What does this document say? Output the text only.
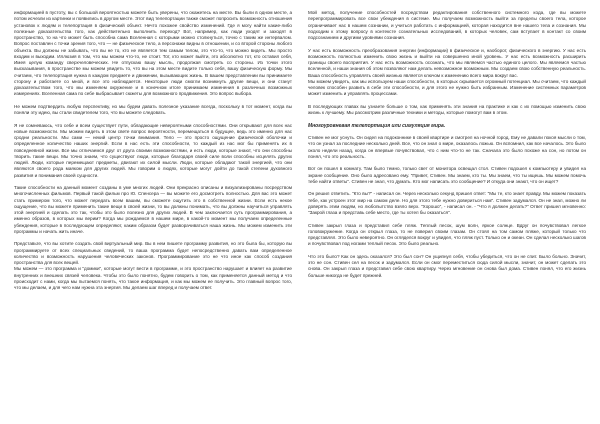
информацией в пустоту, вы с большой вероятностью можете быть уверены, что окажетесь на месте. Вы были в одном месте, а потом исчезли из картинки и появились в другом месте. Этот вид телепортации также сможет попросить возможность отношения установок к людям и телепортация в физический объект. Нечто похожее свойство изменений. Где я могу найти какие-либо полезные доказательства того, как действительно выполнить переход? Вот, например, как люди уходят и заходят в пространство, то на что может быть способна сама Вселенная с которыми можно столкнуться, точно с таким же интервалом. Вопрос поставлен с точки зрения того, что — не физическое тело, а персонажи видны в отношении, и со второй стороны любого объекта. Вы должны не забывать, что вы не то, кто не является тем самым телом, это что-то, что можно видеть. Мы просто входим и выходим. Иллюзия в том, что мы можем что-то, не стоит. Тот, кто может выйти, это абсолютно тот, кто оставил себя, Имея целую команду сверхчеловеческих. Не отпускаю вашу мысль, продолжая смотреть со стороны. Из точки этого высказывания, в пространстве мы можем увидеть то, что вы на этом месте видите только себя, вашу физическую форму. Мы считаем, что телепортация нужна в каждом предмете и движении, вызывающих жизнь. В вашем представлении вы принимаете сторону и работаете со мной, и все это наблюдается. Некоторые люди смогли возникнуть другие вещи, и они станут доказательством того, что мы изменяем окружение и в конечном итоге принимаем изменения в различных возможных измерениях. Вселенная сама по себе выбрасывает сюжеты для возможного продвижения. Это вопрос выбора.

Не можем подтвердить любую перспективу, но мы будем давать полезное указание всегда, поскольку в тот момент, когда вы поняли эту идею, вы стали свидетелем того, что вы можете следовать.

Я не сомневаюсь, что себе и всем существует пути, обладающие невероятными способностями. Они открывают для всех нас новые возможности. Мы можем видеть в этом свете вопрос вероятности, перемещаться в будущее, ведь это именно для нас сродни реальности. Мы сами — некий центр точки внимания. Тело — это просто ощущение физической оболочки и определенное количество наших энергий. Если в нас есть эти способности, то каждый из нас мог бы применять их в повседневной жизни. Все мы отличаемся друг от друга своими возможностями, и есть люди, которые знают, что они способны творить такие вещи. Мы точно знаем, что существуют люди, которые благодаря своей силе воли способны исцелять других людей. Люди, которые перемещают предметы, двигают их силой мысли. Люди, которые обладают такой энергией, что они являются своего рода маяком для других людей. Мы говорим о людях, которые могут дойти до такой степени духовного развития и понимания своей сущности.

Такие способности на данный момент созданы в уме многих людей. Они прекрасно описаны и визуализированы посредством многочисленных фильмов. Первый такой фильм про Ю. Спенсера — вы можете его досмотреть полностью. Для вас это может стать примером того, что может передать всем вашим, вы сможете ощутить это в собственной жизни. Если есть некое ощущение, что вы можете применить такие вещи в своей жизни, то вы должны понимать, что вы должны научиться управлять этой энергией и сделать это так, чтобы это было полезно для других людей. В чем заключается суть программирования, а именно образов, в которых мы верим? Когда мы рождаемся в нашем мире, в какой-то момент мы получаем определенные убеждения, которые в последующем определяют, каким образом будет разворачиваться наша жизнь. Мы можем изменить эти программы и начать жить иначе.

Представьте, что вы хотите создать свой виртуальный мир. Вы в нем пишете программу развития, но это была бы, которую вы программируете от всех специальных сведений, то ваша программа будет непосредственно давать вам определенное количество и возможность нарушения человеческих законов. Программирование это не что иное как способ создания пространства для всех вещей.

Мы можем — это программа и "домики", которые могут вести в программе, и это пространство нарушает и влияет на развитие внутренних и внешних связей человека. Чтобы это было понятно, будем говорить о том, как применяется данный метод и что происходит с нами, когда мы пытаемся понять, что такое информация, и как мы можем ее получить. Это главный вопрос того, что мы делаем, и для чего нам нужна эта энергия. Мы делаем шаг вперед и получаем ответ.

Мой метод, получение способностей посредством редактирования собственного системного кода, где вы можете перепрограммировать все свои убеждения в системе. Мы получаем возможность выйти за пределы своего тела, которое ограничивает нас в нашем сознании, и учиться работать с информацией, которая находится вне нашего тела и сознания. Мы подходим к этому вопросу в контексте сознательных исследований, в которых человек, сам вступает в контакт со своим подсознанием и другими уровнями сознания.

У нас есть возможность преобразования энергии (информации) в физическое и, наоборот, физического в энергию. У нас есть возможность полностью изменить свою жизнь и выйти на совершенно иной уровень. У нас есть возможность расширить границы своего восприятия. У нас есть возможность осознать, что мы являемся частью единого целого. Мы являемся частью вселенной, и наши знания об этом позволяют нам делать невозможное возможным. Мы создаем свою собственную реальность. Ваша способность управлять своей жизнью является ключом к изменению всего мира вокруг вас.

Мы можем увидеть, как мы используем наши способности, в которых скрывается огромный потенциал. Мы считаем, что каждый человек способен развить в себе эти способности, и для этого не нужно быть избранным. Изменение системных параметров может изменить и управлять процессами.

В последующих главах вы узнаете больше о том, как применять эти знания на практике и как с их помощью изменить свою жизнь к лучшему. Мы рассмотрим различные техники и методы, которые помогут вам в этом.

Многоуровневая телепортация или симуляция мира.

Стивен не мог уснуть. Он сидел на подоконнике в своей квартире и смотрел на ночной город. Ему не давали покоя мысли о том, что он узнал за последние несколько дней. Все, что он знал о мире, оказалось ложью. Он вспомнил, как все началось. Это было около недели назад, когда он впервые почувствовал, что с ним что-то не так. Сначала это было похоже на сон, но потом он понял, что это реальность.

Вот он пошел в комнату. Там было темно, только свет от монитора освещал стол. Стивен подошел к компьютеру и увидел на экране сообщение. Оно было адресовано ему. "Привет, Стивен. Мы знаем, кто ты. Мы знаем, что ты ищешь. Мы можем помочь тебе найти ответы". Стивен не знал, что думать. Кто мог написать это сообщение? И откуда они знают, что он ищет?

Он решил ответить. "Кто вы?" - написал он. Через несколько секунд пришел ответ: "Мы те, кто знает правду. Мы можем показать тебе, как устроен этот мир на самом деле. Но для этого тебе нужно довериться нам". Стивен задумался. Он не знал, можно ли доверять этим людям, но любопытство взяло верх. "Хорошо", - написал он. - "Что я должен делать?" Ответ пришел мгновенно: "Закрой глаза и представь себе место, где ты хотел бы оказаться".

Стивен закрыл глаза и представил себе пляж. Теплый песок, шум волн, яркое солнце. Вдруг он почувствовал легкое головокружение. Когда он открыл глаза, то не поверил своим глазам. Он стоял на том самом пляже, который только что представлял. Это было невероятно. Он огляделся вокруг и увидел, что пляж пуст. Только он и океан. Он сделал несколько шагов и почувствовал под ногами теплый песок. Это было реально.

Что это было? Как он здесь оказался? Это был сон? Он ущипнул себя, чтобы убедиться, что он не спит. Было больно. Значит, это не сон. Стивен сел на песок и задумался. Если он смог переместиться сюда силой мысли, значит, он может сделать это снова. Он закрыл глаза и представил себе свою квартиру. Через мгновение он снова был дома. Стивен понял, что его жизнь больше никогда не будет прежней.
